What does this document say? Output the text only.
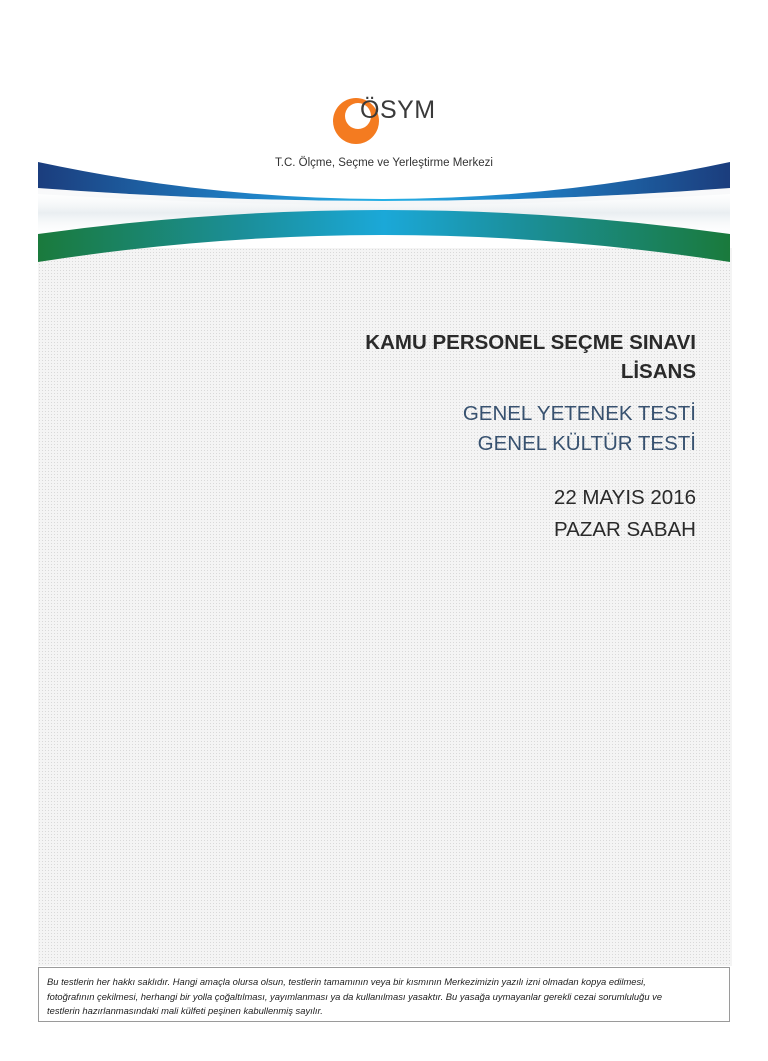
ÖSYM
T.C. Ölçme, Seçme ve Yerleştirme Merkezi
KAMU PERSONEL SEÇME SINAVI
LİSANS
GENEL YETENEK TESTİ
GENEL KÜLTÜR TESTİ
22 MAYIS 2016
PAZAR SABAH
Bu testlerin her hakkı saklıdır. Hangi amaçla olursa olsun, testlerin tamamının veya bir kısmının Merkezimizin yazılı izni olmadan kopya edilmesi,
fotoğrafının çekilmesi, herhangi bir yolla çoğaltılması, yayımlanması ya da kullanılması yasaktır. Bu yasağa uymayanlar gerekli cezai sorumluluğu ve
testlerin hazırlanmasındaki mali külfeti peşinen kabullenmiş sayılır.
